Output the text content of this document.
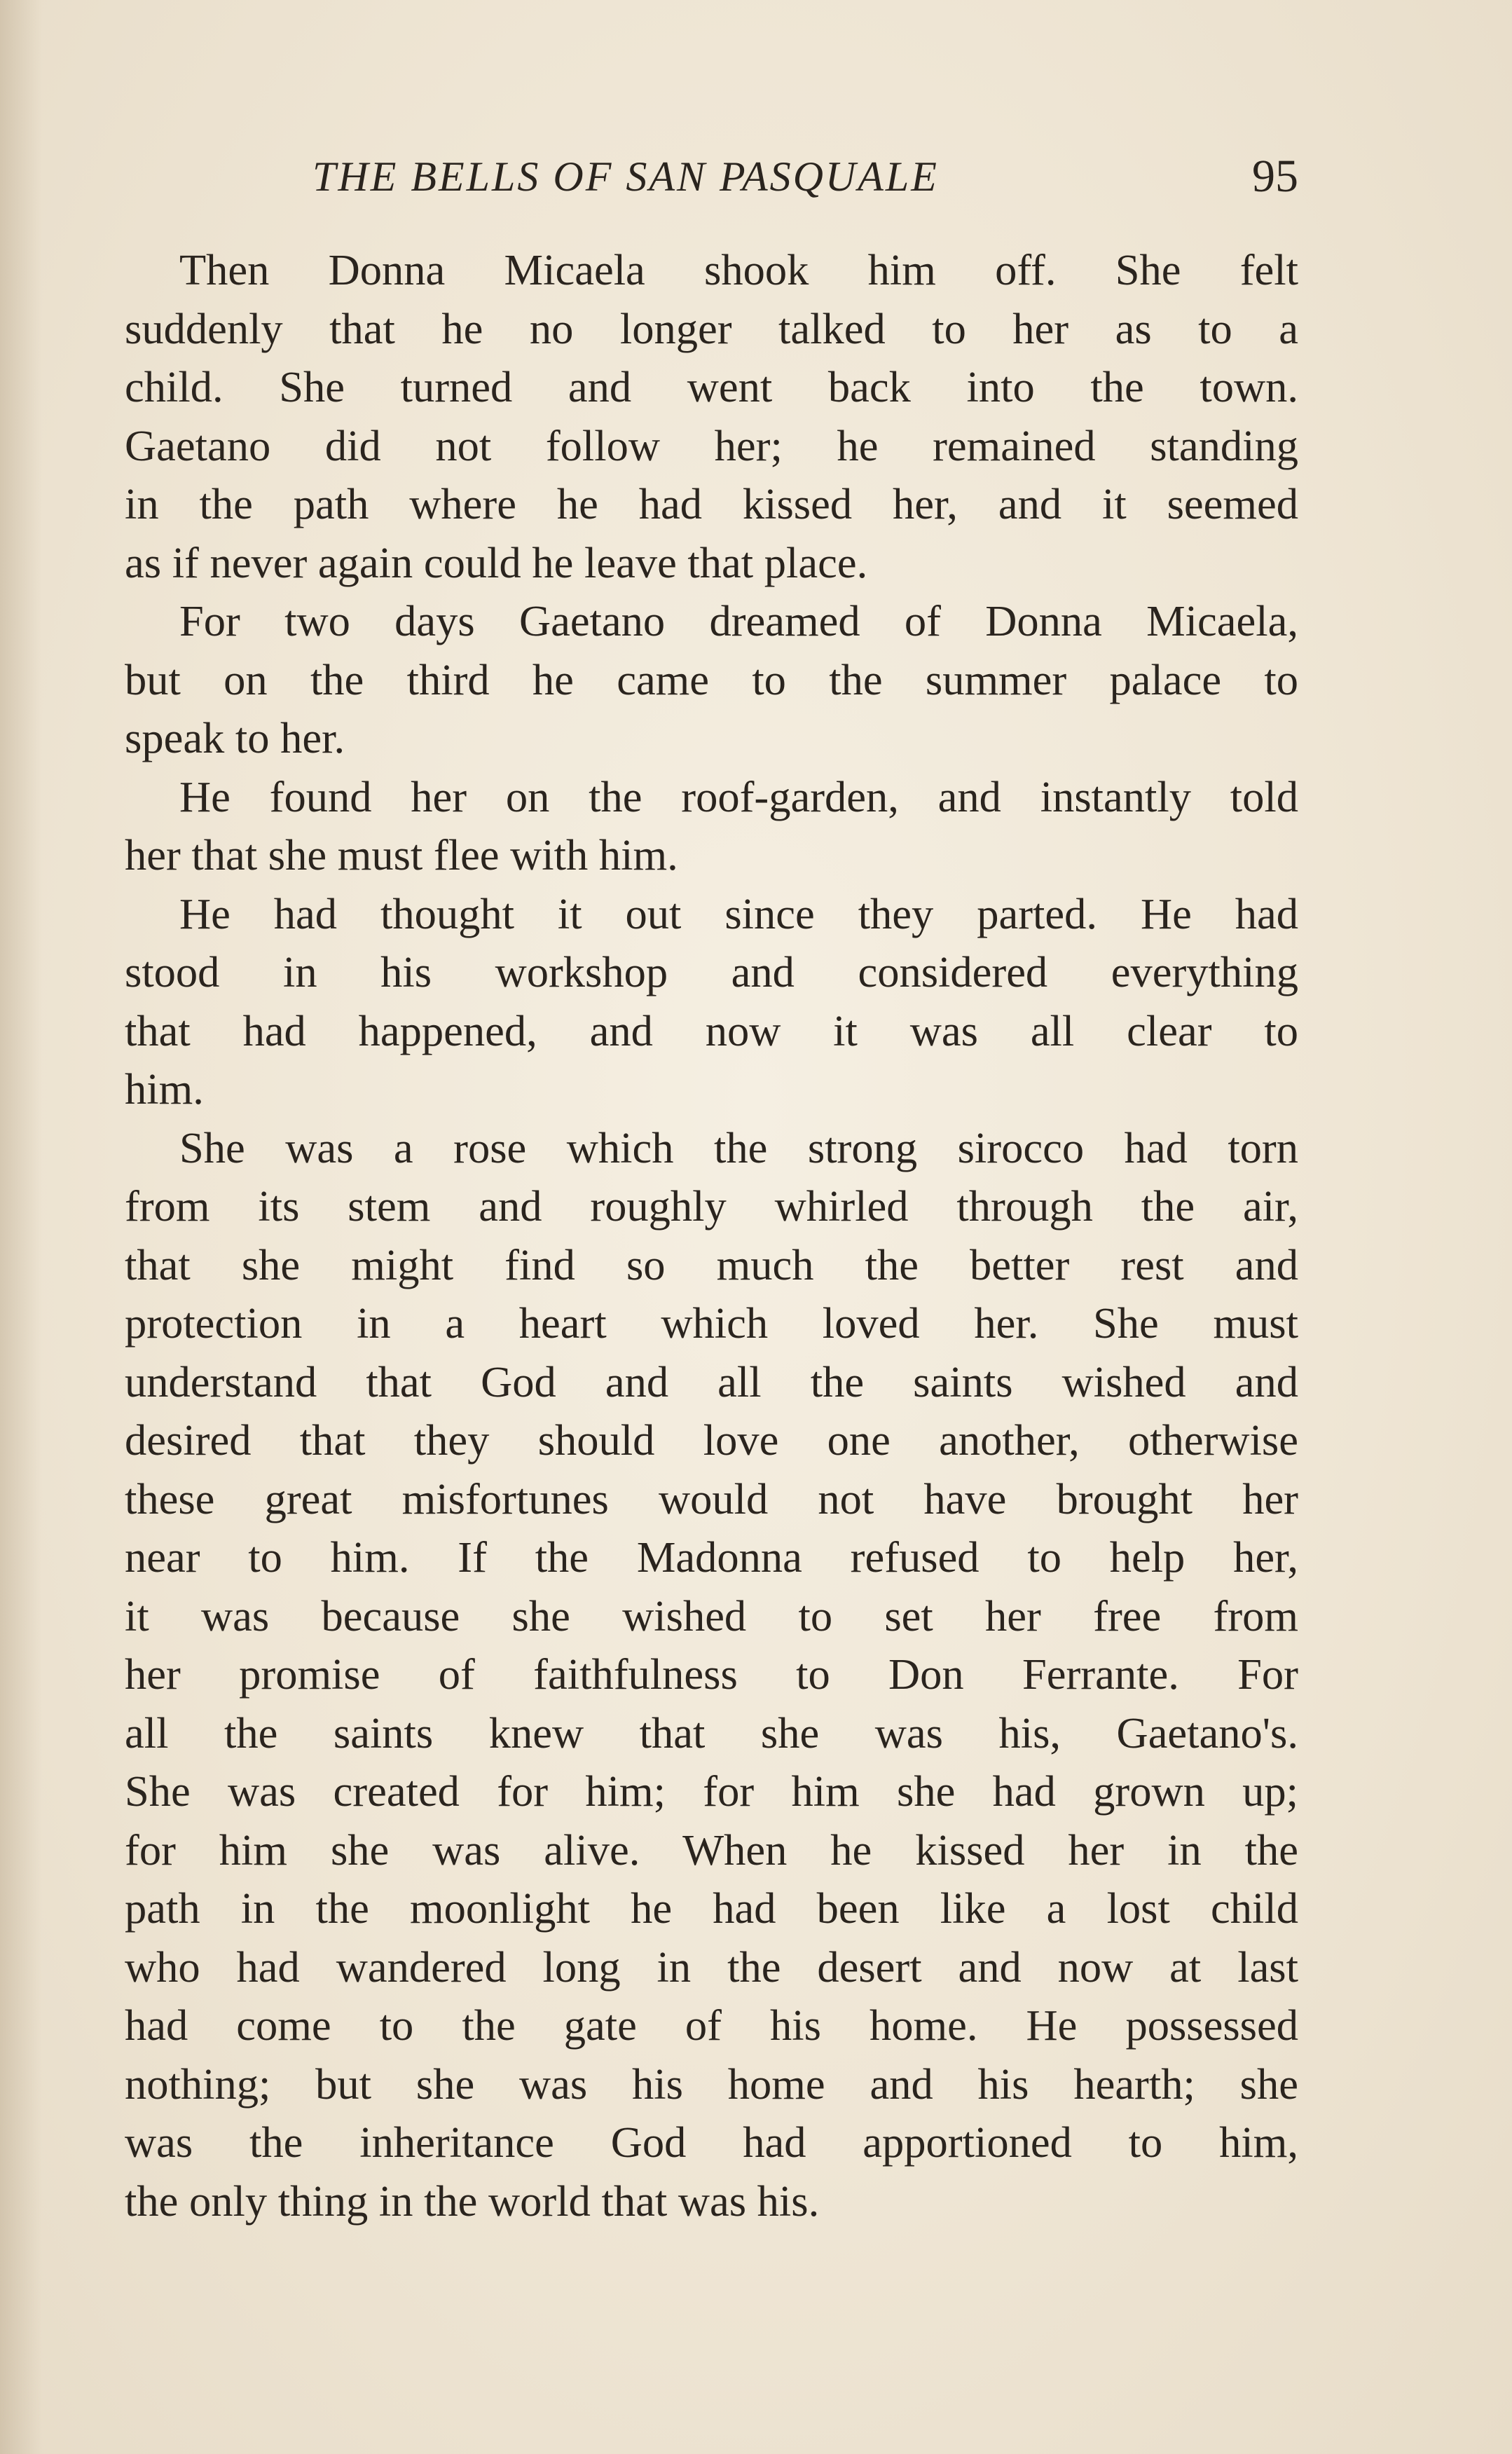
THE BELLS OF SAN PASQUALE	95

Then Donna Micaela shook him off. She felt
suddenly that he no longer talked to her as to a
child. She turned and went back into the town.
Gaetano did not follow her; he remained standing
in the path where he had kissed her, and it seemed
as if never again could he leave that place.

For two days Gaetano dreamed of Donna Micaela,
but on the third he came to the summer palace to
speak to her.

He found her on the roof-garden, and instantly told
her that she must flee with him.

He had thought it out since they parted. He had
stood in his workshop and considered everything
that had happened, and now it was all clear to
him.

She was a rose which the strong sirocco had torn
from its stem and roughly whirled through the air,
that she might find so much the better rest and
protection in a heart which loved her. She must
understand that God and all the saints wished and
desired that they should love one another, otherwise
these great misfortunes would not have brought her
near to him. If the Madonna refused to help her,
it was because she wished to set her free from
her promise of faithfulness to Don Ferrante. For
all the saints knew that she was his, Gaetano's.
She was created for him; for him she had grown up;
for him she was alive. When he kissed her in the
path in the moonlight he had been like a lost child
who had wandered long in the desert and now at last
had come to the gate of his home. He possessed
nothing; but she was his home and his hearth; she
was the inheritance God had apportioned to him,
the only thing in the world that was his.
